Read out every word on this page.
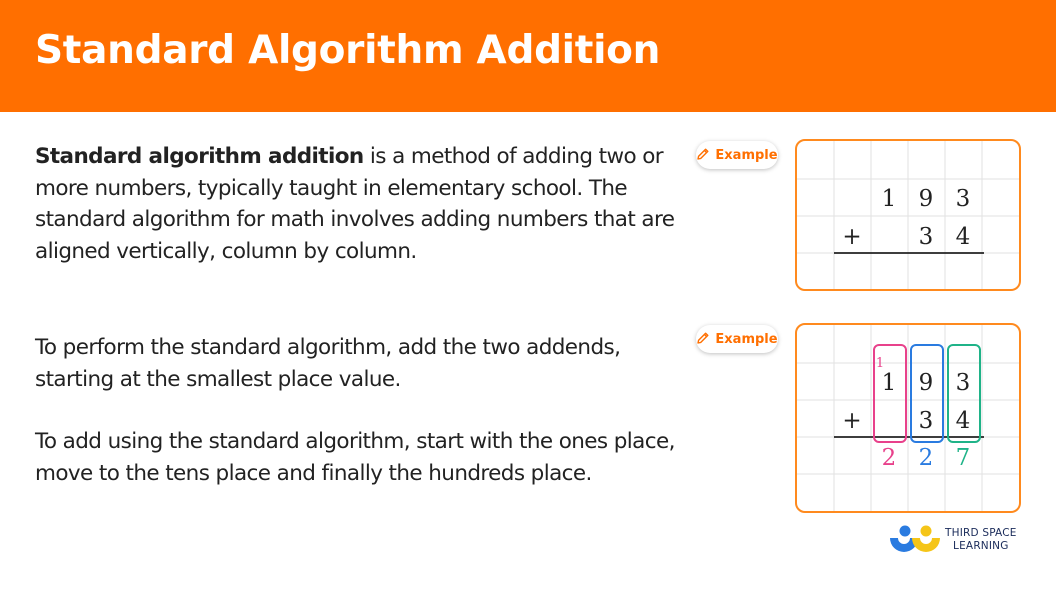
Standard Algorithm Addition

Standard algorithm addition is a method of adding two or more numbers, typically taught in elementary school. The standard algorithm for math involves adding numbers that are aligned vertically, column by column.

To perform the standard algorithm, add the two addends, starting at the smallest place value.

To add using the standard algorithm, start with the ones place, move to the tens place and finally the hundreds place.

Example
1 9 3
+ 3 4
Example
1
1 9 3
+ 3 4
2 2 7
THIRD SPACE
LEARNING
